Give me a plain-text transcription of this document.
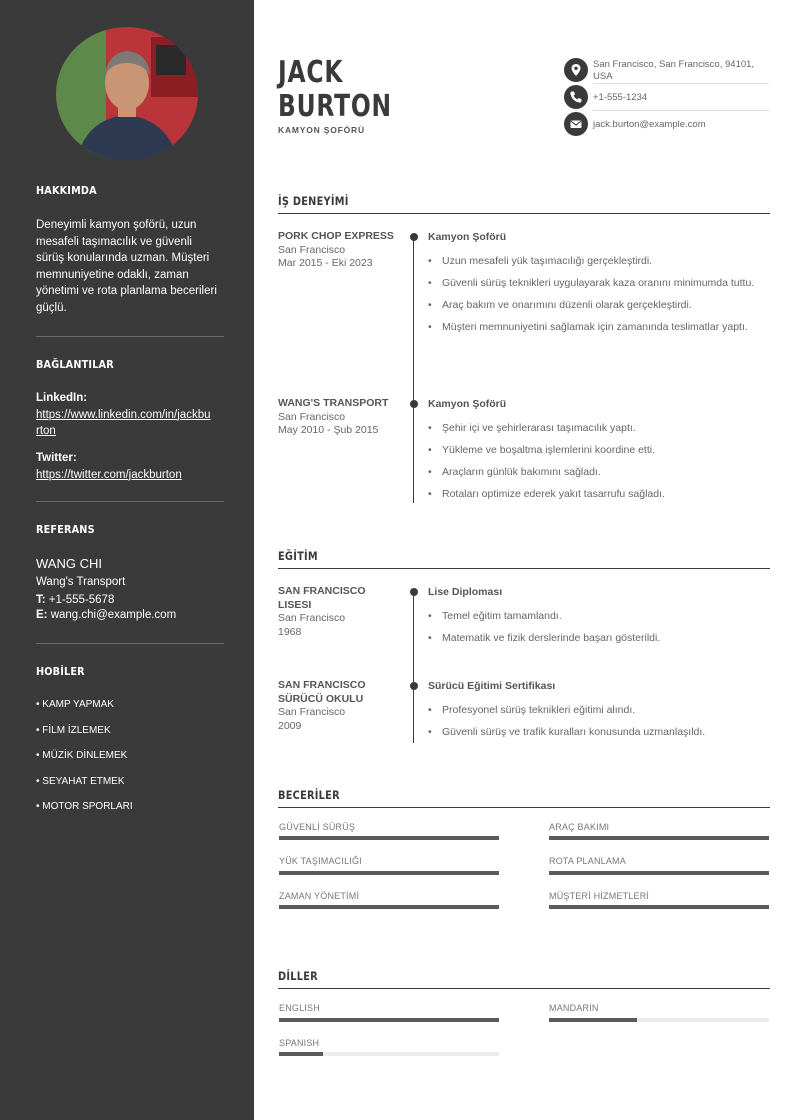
HAKKIMDA
Deneyimli kamyon şoförü, uzun mesafeli taşımacılık ve güvenli sürüş konularında uzman. Müşteri memnuniyetine odaklı, zaman yönetimi ve rota planlama becerileri güçlü.
BAĞLANTILAR
LinkedIn:
https://www.linkedin.com/in/jackburton
Twitter:
https://twitter.com/jackburton
REFERANS
WANG CHI
Wang's Transport
T: +1-555-5678
E: wang.chi@example.com
HOBİLER
• KAMP YAPMAK
• FİLM İZLEMEK
• MÜZİK DİNLEMEK
• SEYAHAT ETMEK
• MOTOR SPORLARI
JACK
BURTON
KAMYON ŞOFÖRÜ
San Francisco, San Francisco, 94101, USA
+1-555-1234
jack.burton@example.com
İŞ DENEYİMİ
PORK CHOP EXPRESS
San Francisco
Mar 2015 - Eki 2023
Kamyon Şoförü
• Uzun mesafeli yük taşımacılığı gerçekleştirdi.
• Güvenli sürüş teknikleri uygulayarak kaza oranını minimumda tuttu.
• Araç bakım ve onarımını düzenli olarak gerçekleştirdi.
• Müşteri memnuniyetini sağlamak için zamanında teslimatlar yaptı.
WANG'S TRANSPORT
San Francisco
May 2010 - Şub 2015
Kamyon Şoförü
• Şehir içi ve şehirlerarası taşımacılık yaptı.
• Yükleme ve boşaltma işlemlerini koordine etti.
• Araçların günlük bakımını sağladı.
• Rotaları optimize ederek yakıt tasarrufu sağladı.
EĞİTİM
SAN FRANCISCO LISESI
San Francisco
1968
Lise Diploması
• Temel eğitim tamamlandı.
• Matematik ve fizik derslerinde başarı gösterildi.
SAN FRANCISCO SÜRÜCÜ OKULU
San Francisco
2009
Sürücü Eğitimi Sertifikası
• Profesyonel sürüş teknikleri eğitimi alındı.
• Güvenli sürüş ve trafik kuralları konusunda uzmanlaşıldı.
BECERİLER
GÜVENLİ SÜRÜŞ	ARAÇ BAKIMI
YÜK TAŞIMACILIĞI	ROTA PLANLAMA
ZAMAN YÖNETİMİ	MÜŞTERİ HİZMETLERİ
DİLLER
ENGLISH	MANDARIN
SPANISH
